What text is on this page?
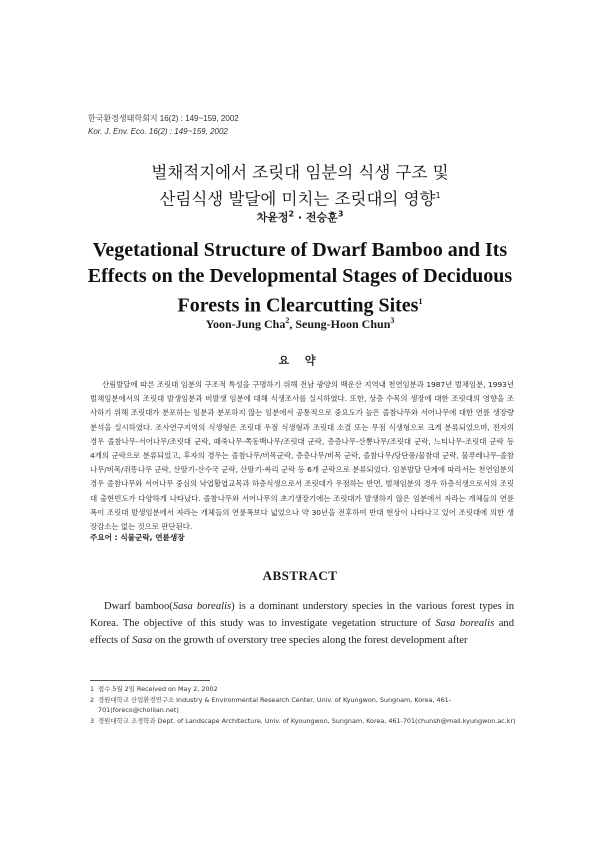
한국환경생태학회지 16(2) : 149~159, 2002
Kor. J. Env. Eco. 16(2) : 149~159, 2002
벌채적지에서 조릿대 임분의 식생 구조 및
산림식생 발달에 미치는 조릿대의 영향$^1$
차윤정$^2$ · 전승훈$^3$
Vegetational Structure of Dwarf Bamboo and Its
Effects on the Developmental Stages of Deciduous
Forests in Clearcutting Sites$^1$
Yoon-Jung Cha$^2$, Seung-Hoon Chun$^3$
요 약

산림발달에 따른 조릿대 임분의 구조적 특성을 구명하기 위해 전남 광양의 백운산 지역내 천연임분과 1987년 벌채임분, 1993년 벌채임분에서의 조릿대 발생임분과 비발생 임분에 대해 식생조사를 실시하였다. 또한, 상층 수목의 생장에 대한 조릿대의 영향을 조사하기 위해 조릿대가 분포하는 임분과 분포하지 않는 임분에서 공통적으로 중요도가 높은 졸참나무와 서어나무에 대한 연륜 생장량 분석을 실시하였다. 조사연구지역의 식생형은 조릿대 우점 식생형과 조릿대 소결 또는 무점 식생형으로 크게 분류되었으며, 전자의 경우 졸참나무-서어나무/조릿대 군락, 때죽나무-쪽동백나무/조릿대 군락, 층층나무-산뽕나무/조릿대 군락, 느티나무-조릿대 군락 등 4개의 군락으로 분류되었고, 후자의 경우는 졸참나무/비목군락, 층층나무/비목 군락, 졸참나무/당단풍/물참대 군락, 물푸레나무-졸참나무/비목/쥐똥나무 군락, 산딸기-산수국 군락, 산딸기-싸리 군락 등 6개 군락으로 분류되었다. 임분발달 단계에 따라서는 천연임분의 경우 졸참나무와 서어나무 중심의 낙엽활엽교목과 하층식생으로서 조릿대가 우점하는 반면, 벌채임분의 경우 하층식생으로서의 조릿대 출현빈도가 다양하게 나타났다. 졸참나무와 서어나무의 초기생장기에는 조릿대가 발생하지 않은 임분에서 자라는 개체들의 연륜폭이 조릿대 발생임분에서 자라는 개체들의 연륜폭보다 넓었으나 약 30년을 전후하여 반대 현상이 나타나고 있어 조릿대에 의한 생장감소는 없는 것으로 판단된다.

주요어 : 식물군락, 연륜생장
ABSTRACT

Dwarf bamboo(Sasa borealis) is a dominant understory species in the various forest types in Korea. The objective of this study was to investigate vegetation structure of Sasa borealis and effects of Sasa on the growth of overstory tree species along the forest development after

1 접수 5월 2일 Received on May 2, 2002
2 경원대학교 산업환경연구소 Industry & Environmental Research Center, Univ. of Kyungwon, Sungnam, Korea, 461-701(foreco@chollian.net)
3 경원대학교 조경학과 Dept. of Landscape Architecture, Univ. of Kyoungwon, Sungnam, Korea, 461-701(chunsh@mail.kyungwon.ac.kr)
